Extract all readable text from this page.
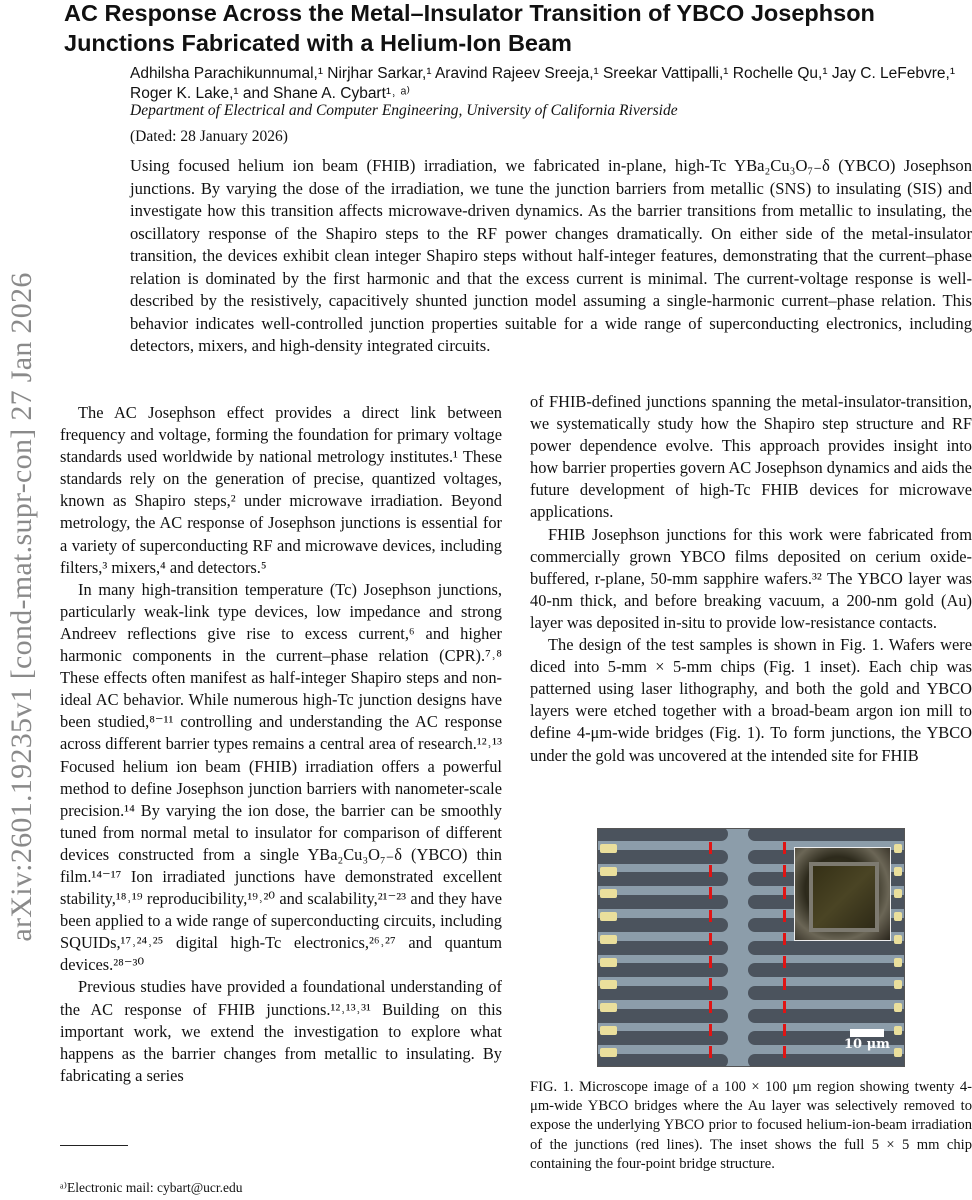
arXiv:2601.19235v1 [cond-mat.supr-con] 27 Jan 2026
AC Response Across the Metal–Insulator Transition of YBCO Josephson Junctions Fabricated with a Helium-Ion Beam
Adhilsha Parachikunnumal,¹ Nirjhar Sarkar,¹ Aravind Rajeev Sreeja,¹ Sreekar Vattipalli,¹ Rochelle Qu,¹ Jay C. LeFebvre,¹ Roger K. Lake,¹ and Shane A. Cybart¹˒ ᵃ⁾
Department of Electrical and Computer Engineering, University of California Riverside
(Dated: 28 January 2026)
Using focused helium ion beam (FHIB) irradiation, we fabricated in-plane, high-Tc YBa₂Cu₃O₇₋δ (YBCO) Josephson junctions. By varying the dose of the irradiation, we tune the junction barriers from metallic (SNS) to insulating (SIS) and investigate how this transition affects microwave-driven dynamics. As the barrier transitions from metallic to insulating, the oscillatory response of the Shapiro steps to the RF power changes dramatically. On either side of the metal-insulator transition, the devices exhibit clean integer Shapiro steps without half-integer features, demonstrating that the current–phase relation is dominated by the first harmonic and that the excess current is minimal. The current-voltage response is well-described by the resistively, capacitively shunted junction model assuming a single-harmonic current–phase relation. This behavior indicates well-controlled junction properties suitable for a wide range of superconducting electronics, including detectors, mixers, and high-density integrated circuits.

The AC Josephson effect provides a direct link between frequency and voltage, forming the foundation for primary voltage standards used worldwide by national metrology institutes.¹ These standards rely on the generation of precise, quantized voltages, known as Shapiro steps,² under microwave irradiation. Beyond metrology, the AC response of Josephson junctions is essential for a variety of superconducting RF and microwave devices, including filters,³ mixers,⁴ and detectors.⁵

In many high-transition temperature (Tc) Josephson junctions, particularly weak-link type devices, low impedance and strong Andreev reflections give rise to excess current,⁶ and higher harmonic components in the current–phase relation (CPR).⁷˒⁸ These effects often manifest as half-integer Shapiro steps and non-ideal AC behavior. While numerous high-Tc junction designs have been studied,⁸⁻¹¹ controlling and understanding the AC response across different barrier types remains a central area of research.¹²˒¹³ Focused helium ion beam (FHIB) irradiation offers a powerful method to define Josephson junction barriers with nanometer-scale precision.¹⁴ By varying the ion dose, the barrier can be smoothly tuned from normal metal to insulator for comparison of different devices constructed from a single YBa₂Cu₃O₇₋δ (YBCO) thin film.¹⁴⁻¹⁷ Ion irradiated junctions have demonstrated excellent stability,¹⁸˒¹⁹ reproducibility,¹⁹˒²⁰ and scalability,²¹⁻²³ and they have been applied to a wide range of superconducting circuits, including SQUIDs,¹⁷˒²⁴˒²⁵ digital high-Tc electronics,²⁶˒²⁷ and quantum devices.²⁸⁻³⁰

Previous studies have provided a foundational understanding of the AC response of FHIB junctions.¹²˒¹³˒³¹ Building on this important work, we extend the investigation to explore what happens as the barrier changes from metallic to insulating. By fabricating a series

ᵃ⁾Electronic mail: cybart@ucr.edu

of FHIB-defined junctions spanning the metal-insulator-transition, we systematically study how the Shapiro step structure and RF power dependence evolve. This approach provides insight into how barrier properties govern AC Josephson dynamics and aids the future development of high-Tc FHIB devices for microwave applications.

FHIB Josephson junctions for this work were fabricated from commercially grown YBCO films deposited on cerium oxide-buffered, r-plane, 50-mm sapphire wafers.³² The YBCO layer was 40-nm thick, and before breaking vacuum, a 200-nm gold (Au) layer was deposited in-situ to provide low-resistance contacts.

The design of the test samples is shown in Fig. 1. Wafers were diced into 5-mm × 5-mm chips (Fig. 1 inset). Each chip was patterned using laser lithography, and both the gold and YBCO layers were etched together with a broad-beam argon ion mill to define 4-μm-wide bridges (Fig. 1). To form junctions, the YBCO under the gold was uncovered at the intended site for FHIB

10 μm
FIG. 1. Microscope image of a 100 × 100 μm region showing twenty 4-μm-wide YBCO bridges where the Au layer was selectively removed to expose the underlying YBCO prior to focused helium-ion-beam irradiation of the junctions (red lines). The inset shows the full 5 × 5 mm chip containing the four-point bridge structure.
